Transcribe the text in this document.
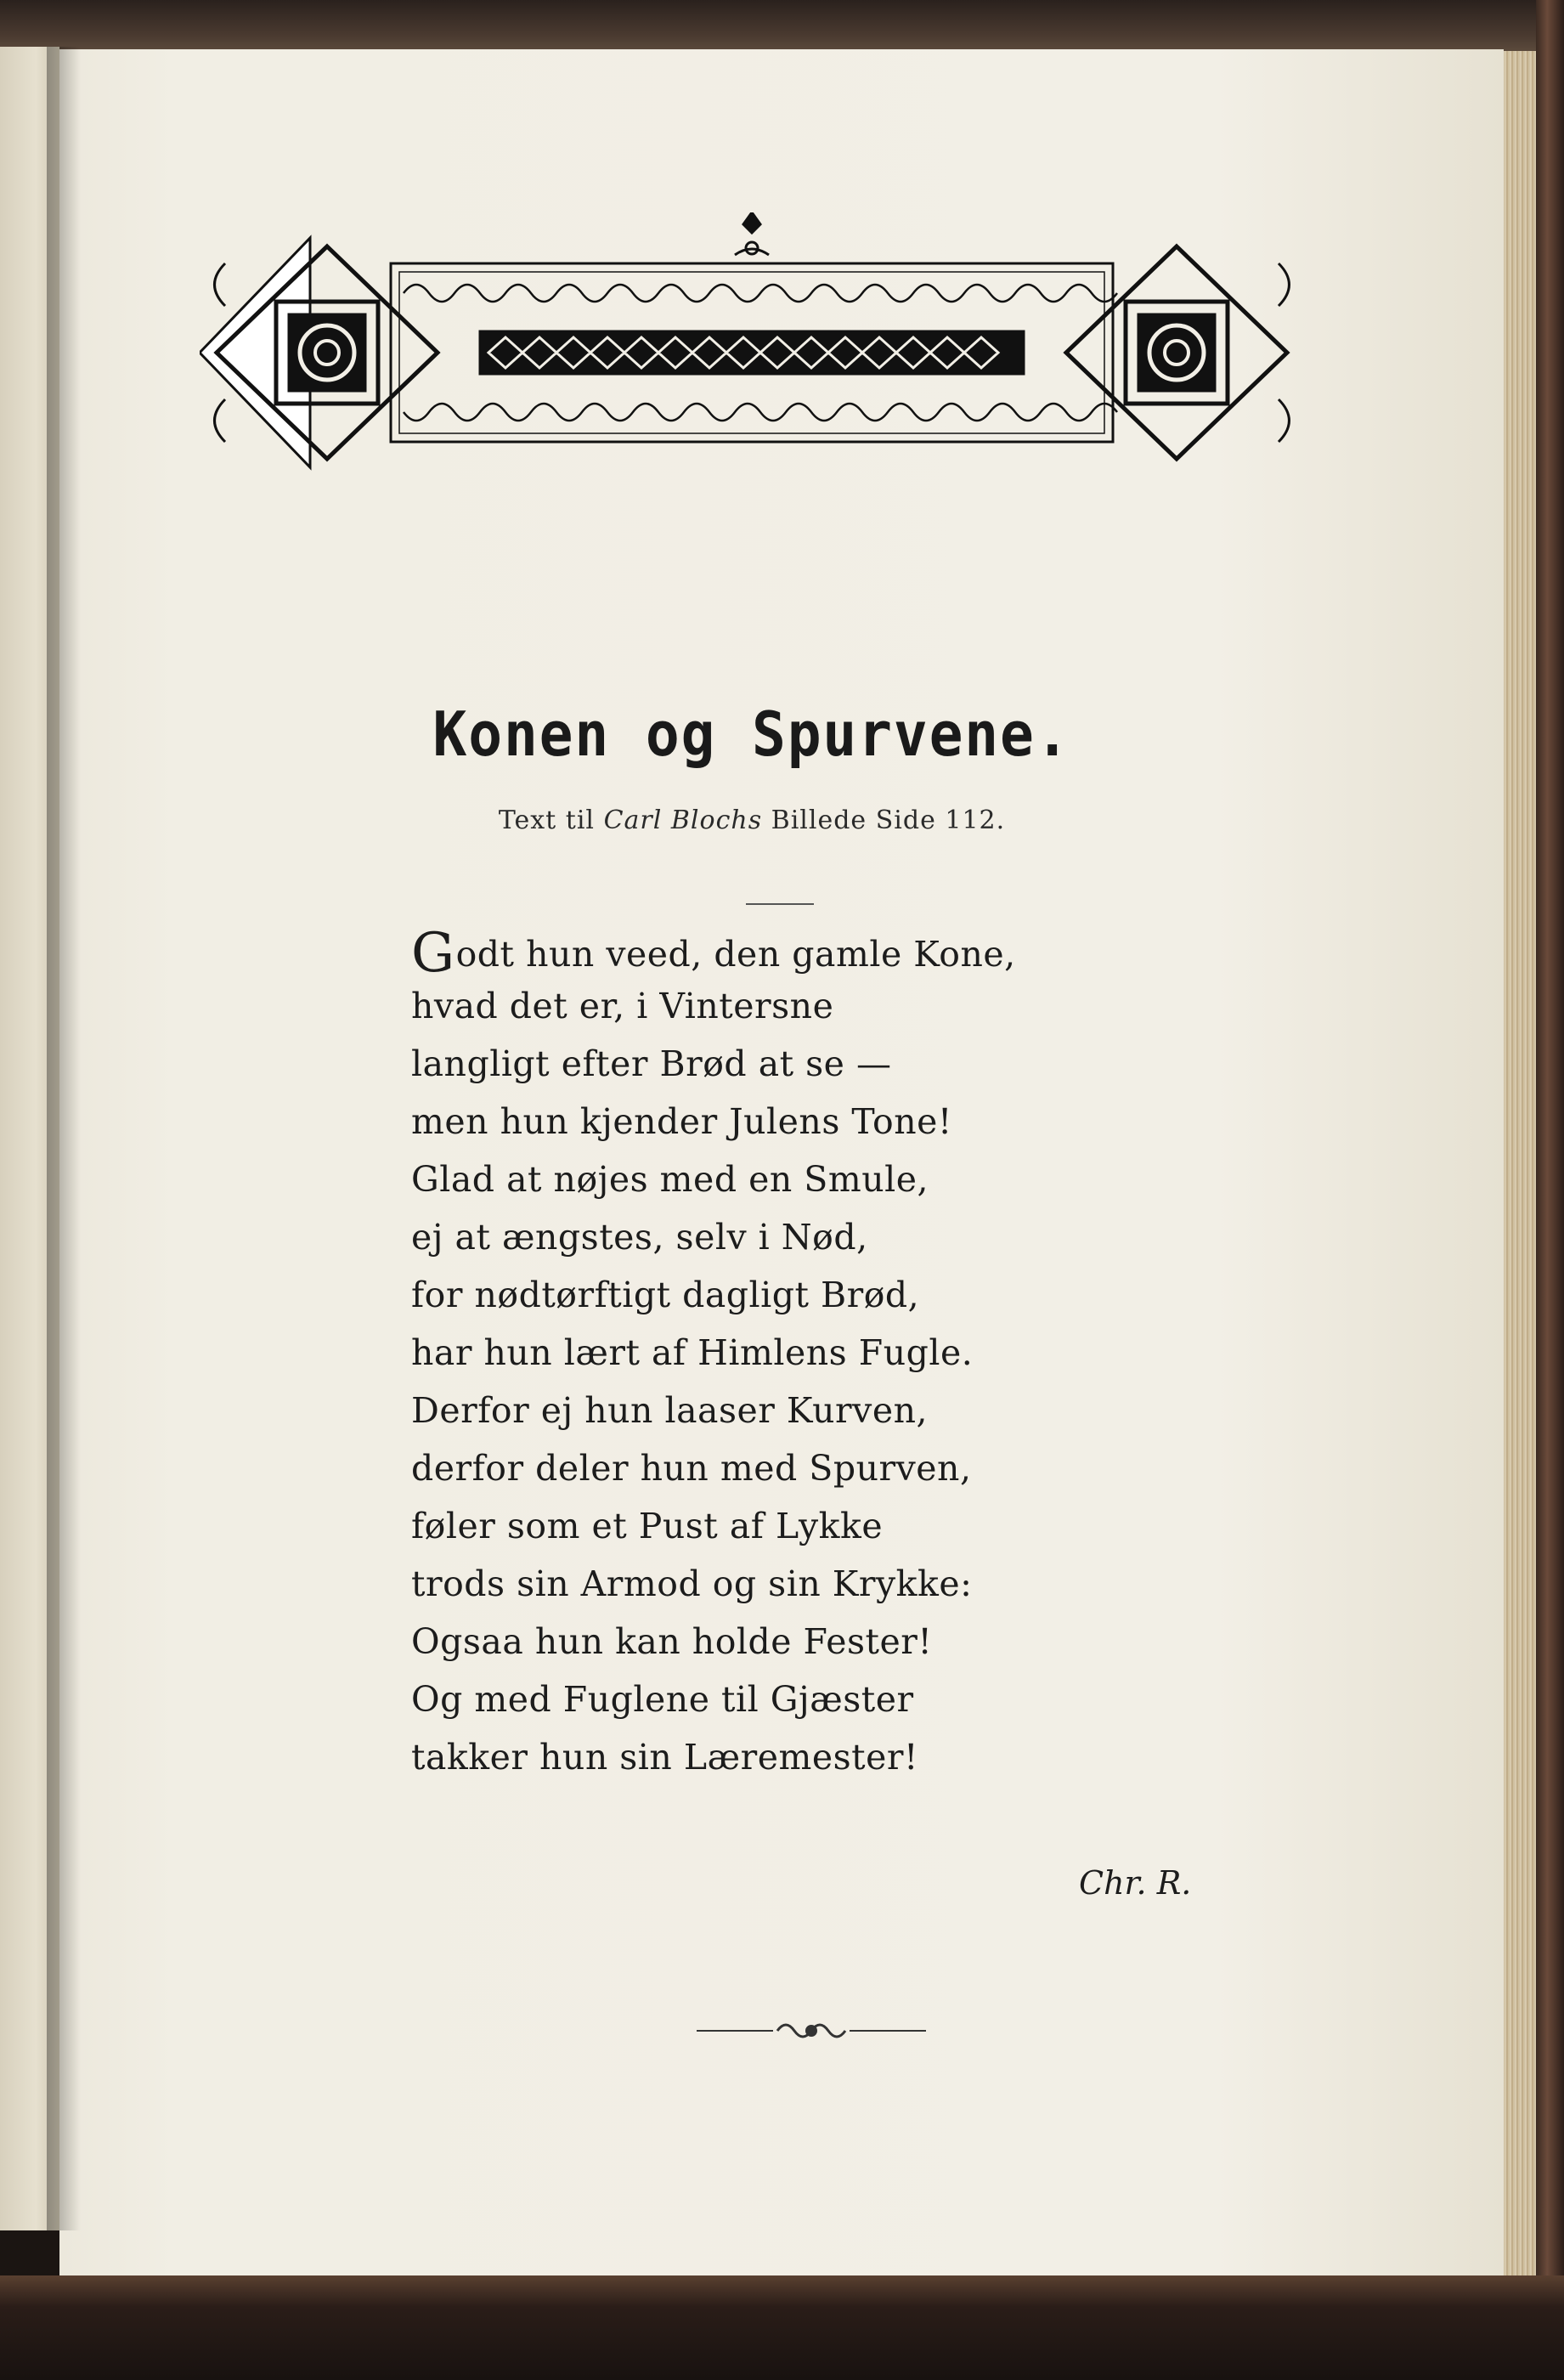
Konen og Spurvene.
Text til Carl Blochs Billede Side 112.
Godt hun veed, den gamle Kone,
hvad det er, i Vintersne
langligt efter Brød at se —
men hun kjender Julens Tone!
Glad at nøjes med en Smule,
ej at ængstes, selv i Nød,
for nødtørftigt dagligt Brød,
har hun lært af Himlens Fugle.
Derfor ej hun laaser Kurven,
derfor deler hun med Spurven,
føler som et Pust af Lykke
trods sin Armod og sin Krykke:
Ogsaa hun kan holde Fester!
Og med Fuglene til Gjæster
takker hun sin Læremester!
Chr. R.
